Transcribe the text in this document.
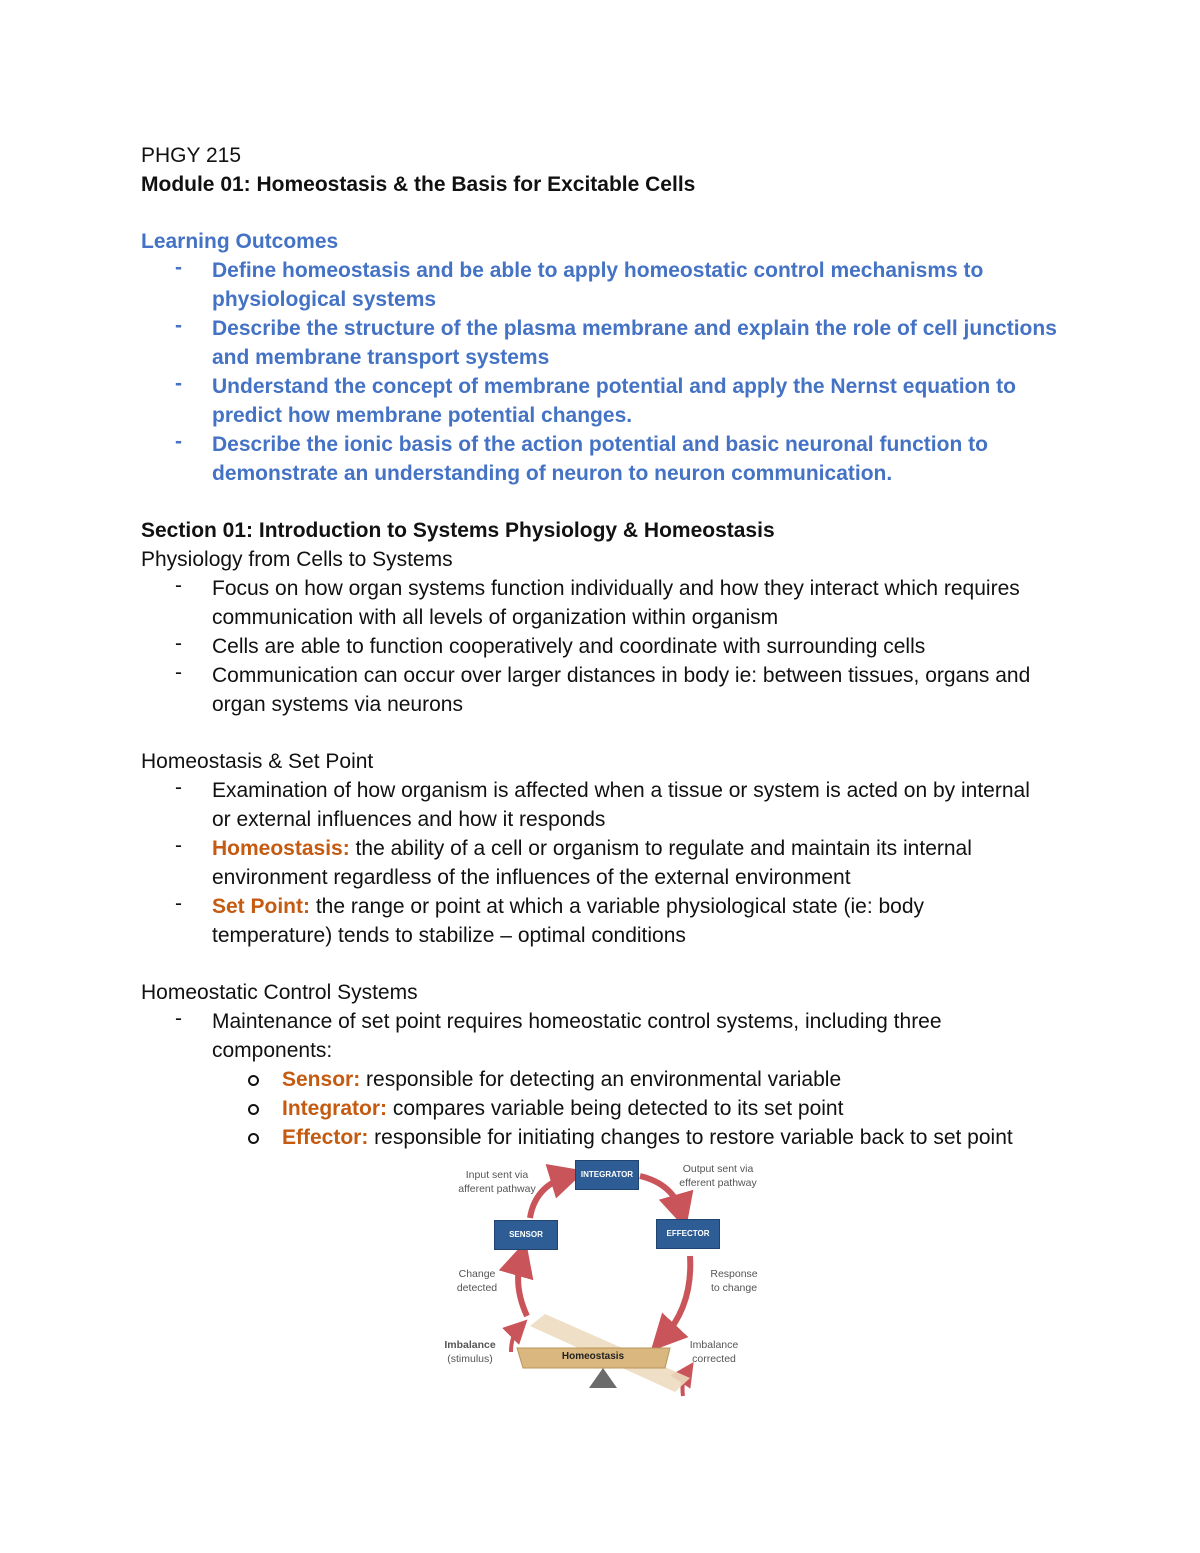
PHGY 215
Module 01: Homeostasis & the Basis for Excitable Cells
Learning Outcomes
-	Define homeostasis and be able to apply homeostatic control mechanisms to
physiological systems
-	Describe the structure of the plasma membrane and explain the role of cell junctions
and membrane transport systems
-	Understand the concept of membrane potential and apply the Nernst equation to
predict how membrane potential changes.
-	Describe the ionic basis of the action potential and basic neuronal function to
demonstrate an understanding of neuron to neuron communication.
Section 01: Introduction to Systems Physiology & Homeostasis
Physiology from Cells to Systems
-	Focus on how organ systems function individually and how they interact which requires
communication with all levels of organization within organism
-	Cells are able to function cooperatively and coordinate with surrounding cells
-	Communication can occur over larger distances in body ie: between tissues, organs and
organ systems via neurons
Homeostasis & Set Point
-	Examination of how organism is affected when a tissue or system is acted on by internal
or external influences and how it responds
-	Homeostasis: the ability of a cell or organism to regulate and maintain its internal
environment regardless of the influences of the external environment
-	Set Point: the range or point at which a variable physiological state (ie: body
temperature) tends to stabilize – optimal conditions
Homeostatic Control Systems
-	Maintenance of set point requires homeostatic control systems, including three
components:
Sensor: responsible for detecting an environmental variable
Integrator: compares variable being detected to its set point
Effector: responsible for initiating changes to restore variable back to set point
INTEGRATOR
SENSOR	EFFECTOR
Input sent via
afferent pathway
Output sent via
efferent pathway
Change
detected
Response
to change
Imbalance
(stimulus)
Imbalance
corrected
Homeostasis
